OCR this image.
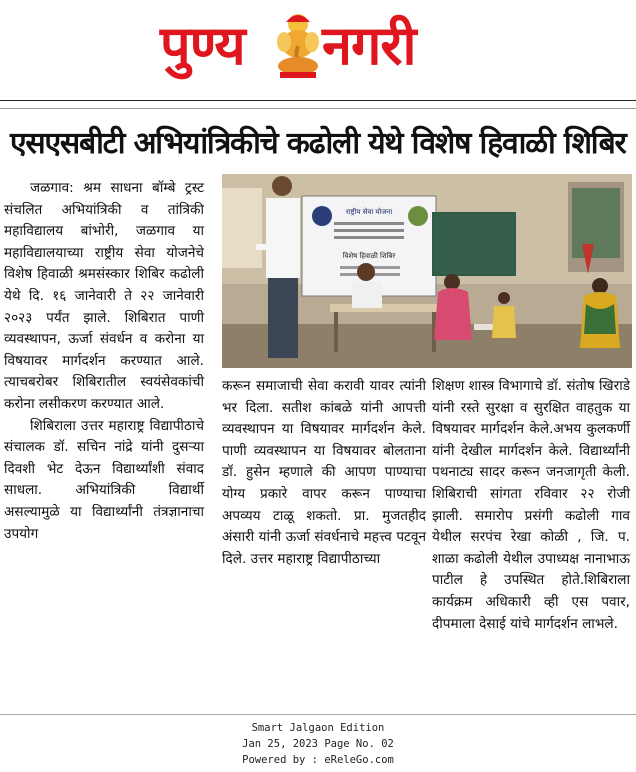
पुण्य नगरी
एसएसबीटी अभियांत्रिकीचे कढोली येथे विशेष हिवाळी शिबिर

जळगाव: श्रम साधना बॉम्बे ट्रस्ट संचलित अभियांत्रिकी व तांत्रिकी महाविद्यालय बांभोरी, जळगाव या महाविद्यालयाच्या राष्ट्रीय सेवा योजनेचे विशेष हिवाळी श्रमसंस्कार शिबिर कढोली येथे दि. १६ जानेवारी ते २२ जानेवारी २०२३ पर्यंत झाले. शिबिरात पाणी व्यवस्थापन, ऊर्जा संवर्धन व करोना या विषयावर मार्गदर्शन करण्यात आले. त्याचबरोबर शिबिरातील स्वयंसेवकांची करोना लसीकरण करण्यात आले.

शिबिराला उत्तर महाराष्ट्र विद्यापीठाचे संचालक डॉ. सचिन नांद्रे यांनी दुसऱ्या दिवशी भेट देऊन विद्यार्थ्यांशी संवाद साधला. अभियांत्रिकी विद्यार्थी असल्यामुळे या विद्यार्थ्यांनी तंत्रज्ञानाचा उपयोग

राष्ट्रीय सेवा योजना
विशेष हिवाळी शिबिर

करून समाजाची सेवा करावी यावर त्यांनी भर दिला. सतीश कांबळे यांनी आपत्ती व्यवस्थापन या विषयावर मार्गदर्शन केले. पाणी व्यवस्थापन या विषयावर बोलताना डॉ. हुसेन म्हणाले की आपण पाण्याचा योग्य प्रकारे वापर करून पाण्याचा अपव्यय टाळू शकतो. प्रा. मुजतहीद अंसारी यांनी ऊर्जा संवर्धनाचे महत्त्व पटवून दिले. उत्तर महाराष्ट्र विद्यापीठाच्या

शिक्षण शास्त्र विभागाचे डॉ. संतोष खिराडे यांनी रस्ते सुरक्षा व सुरक्षित वाहतुक या विषयावर मार्गदर्शन केले.अभय कुलकर्णी यांनी देखील मार्गदर्शन केले. विद्यार्थ्यांनी पथनाट्य सादर करून जनजागृती केली. शिबिराची सांगता रविवार २२ रोजी झाली. समारोप प्रसंगी कढोली गाव येथील सरपंच रेखा कोळी , जि. प. शाळा कढोली येथील उपाध्यक्ष नानाभाऊ पाटील हे उपस्थित होते.शिबिराला कार्यक्रम अधिकारी व्ही एस पवार, दीपमाला देसाई यांचे मार्गदर्शन लाभले.

Smart Jalgaon Edition
Jan 25, 2023 Page No. 02
Powered by : eReleGo.com
